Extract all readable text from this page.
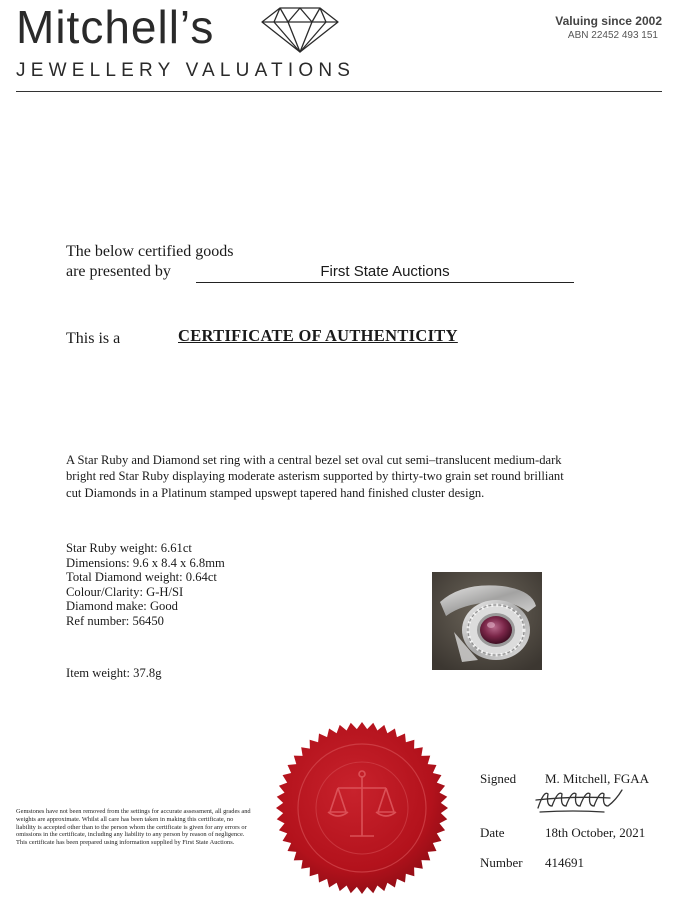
Mitchell’s
JEWELLERY VALUATIONS
Valuing since 2002
ABN 22452 493 151
The below certified goods
are presented by	First State Auctions
This is a	CERTIFICATE OF AUTHENTICITY
A Star Ruby and Diamond set ring with a central bezel set oval cut semi–translucent medium-dark bright red Star Ruby displaying moderate asterism supported by thirty-two grain set round brilliant cut Diamonds in a Platinum stamped upswept tapered hand finished cluster design.
Star Ruby weight: 6.61ct
Dimensions: 9.6 x 8.4 x 6.8mm
Total Diamond weight: 0.64ct
Colour/Clarity: G-H/SI
Diamond make: Good
Ref number: 56450
Item weight: 37.8g
Signed M. Mitchell, FGAA
Date	18th October, 2021
Number 414691
Gemstones have not been removed from the settings for accurate assessment, all grades and weights are approximate. Whilst all care has been taken in making this certificate, no liability is accepted other than to the person whom the certificate is given for any errors or omissions in the certificate, including any liability to any person by reason of negligence. This certificate has been prepared using information supplied by First State Auctions.
